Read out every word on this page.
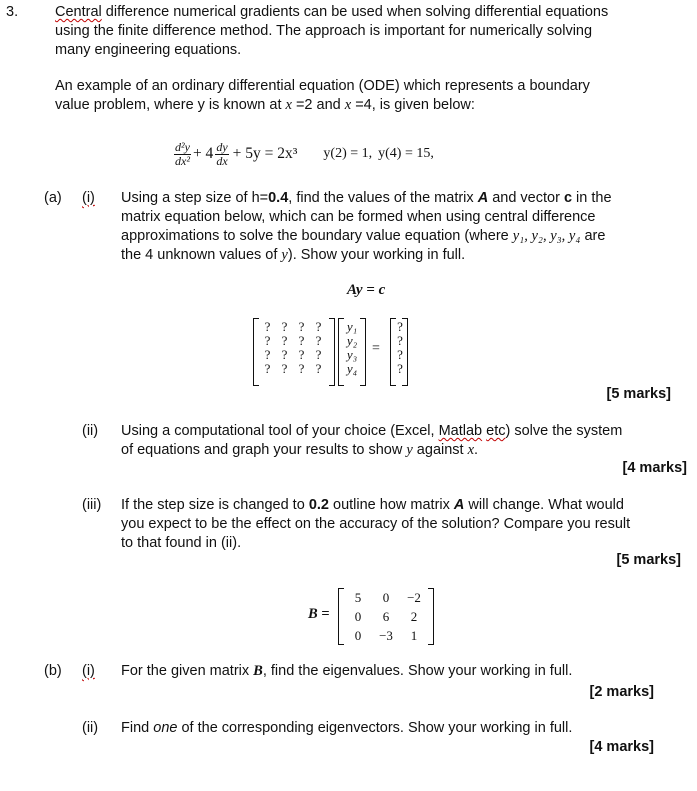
3.	Central difference numerical gradients can be used when solving differential equations
using the finite difference method. The approach is important for numerically solving
many engineering equations.
An example of an ordinary differential equation (ODE) which represents a boundary
value problem, where y is known at x =2 and x =4, is given below:
$\frac{\text{d²y}}{\text{dx²}} + 4 \frac{dy}{dx} + 5y = 2x^3$ y(2) = 1, y(4) = 15,
(a) (i) Using a step size of h=0.4, find the values of the matrix A and vector c in the
matrix equation below, which can be formed when using central difference
approximations to solve the boundary value equation (where y₁, y₂, y₃, y₄ are
the 4 unknown values of y). Show your working in full.
Ay = c
? ? ? ?
? ? ? ?
? ? ? ?
? ? ? ?
y₁
y₂
y₃
y₄
=
?
?
?
?
[5 marks]
(ii) Using a computational tool of your choice (Excel, Matlab etc) solve the system
of equations and graph your results to show y against x.
[4 marks]
(iii) If the step size is changed to 0.2 outline how matrix A will change. What would
you expect to be the effect on the accuracy of the solution? Compare you result
to that found in (ii).
[5 marks]
B =
5	0	−2
0	6	2
0	−3	1
(b) (i) For the given matrix B, find the eigenvalues. Show your working in full.
[2 marks]
(ii) Find one of the corresponding eigenvectors. Show your working in full.
[4 marks]
